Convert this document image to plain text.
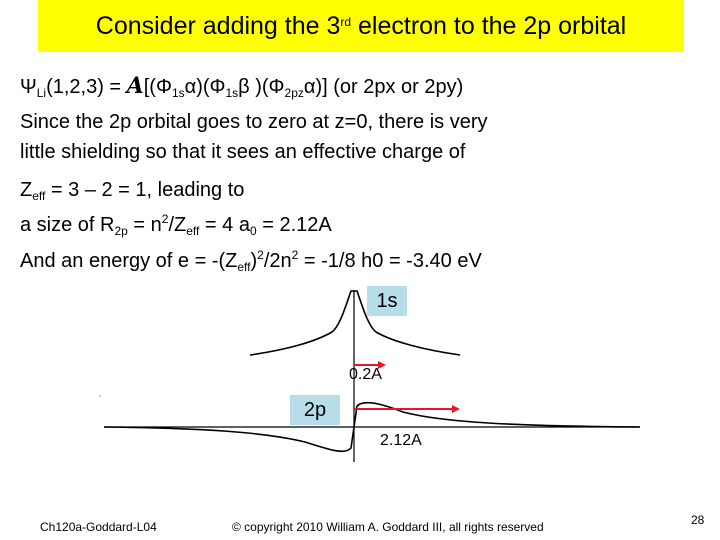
Consider adding the 3rd electron to the 2p orbital
$\Psi_{Li}(1,2,3) = A[(\Phi_{1s}\alpha)(\Phi_{1s}\beta$ )$(\Phi_{2pz}\alpha)$] (or 2px or 2py)
Since the 2p orbital goes to zero at z=0, there is very
little shielding so that it sees an effective charge of
$Z_{eff} = 3 - 2 = 1$, leading to
a size of $R_{2p} = n^2/Z_{eff} = 4$ $a_0 = 2.12A$
And an energy of $e = -(Z_{eff})^2/2n^2 = -1/8$ h0 = -3.40 eV
1s
2p
0.2A
2.12A
Ch120a-Goddard-L04	© copyright 2010 William A. Goddard III, all rights reserved	28
